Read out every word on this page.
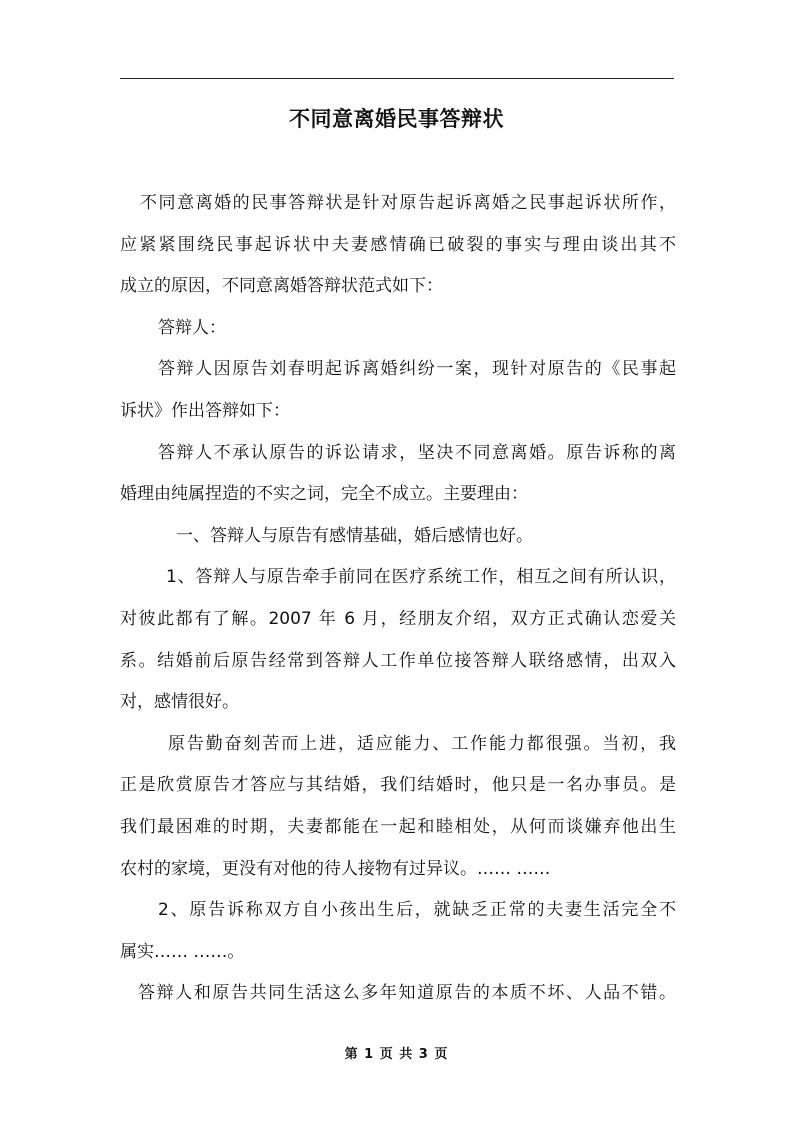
不同意离婚民事答辩状
不同意离婚的民事答辩状是针对原告起诉离婚之民事起诉状所作，
应紧紧围绕民事起诉状中夫妻感情确已破裂的事实与理由谈出其不
成立的原因，不同意离婚答辩状范式如下：
答辩人：
答辩人因原告刘春明起诉离婚纠纷一案，现针对原告的《民事起
诉状》作出答辩如下：
答辩人不承认原告的诉讼请求，坚决不同意离婚。原告诉称的离
婚理由纯属捏造的不实之词，完全不成立。主要理由：
一、答辩人与原告有感情基础，婚后感情也好。
1、答辩人与原告牵手前同在医疗系统工作，相互之间有所认识，
对彼此都有了解。2007 年 6 月，经朋友介绍，双方正式确认恋爱关
系。结婚前后原告经常到答辩人工作单位接答辩人联络感情，出双入
对，感情很好。
原告勤奋刻苦而上进，适应能力、工作能力都很强。当初，我
正是欣赏原告才答应与其结婚，我们结婚时，他只是一名办事员。是
我们最困难的时期，夫妻都能在一起和睦相处，从何而谈嫌弃他出生
农村的家境，更没有对他的待人接物有过异议。…… ……
2、原告诉称双方自小孩出生后，就缺乏正常的夫妻生活完全不
属实…… ……。
答辩人和原告共同生活这么多年知道原告的本质不坏、人品不错。
第 1 页 共 3 页
